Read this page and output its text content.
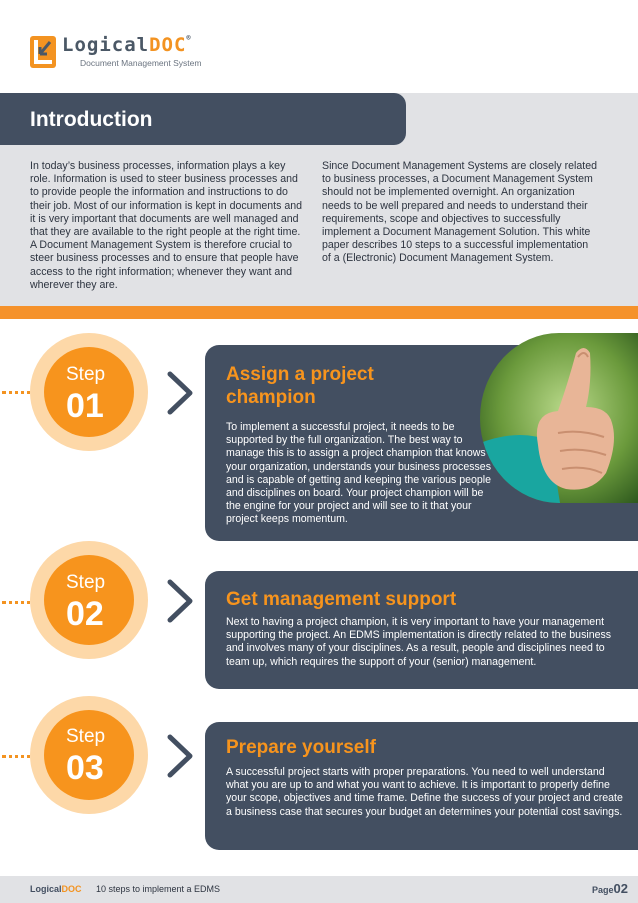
LogicalDOC®
Document Management System
Introduction
In today’s business processes, information plays a key role. Information is used to steer business processes and to provide people the information and instructions to do their job. Most of our information is kept in documents and it is very important that documents are well managed and that they are available to the right people at the right time. A Document Management System is therefore crucial to steer business processes and to ensure that people have access to the right information; whenever they want and wherever they are.
Since Document Management Systems are closely related to business processes, a Document Management System should not be implemented overnight. An organization needs to be well prepared and needs to understand their requirements, scope and objectives to successfully implement a Document Management Solution. This white paper describes 10 steps to a successful implementation of a (Electronic) Document Management System.
Step
01
Assign a project champion
To implement a successful project, it needs to be supported by the full organization. The best way to manage this is to assign a project champion that knows your organization, understands your business processes and is capable of getting and keeping the various people and disciplines on board. Your project champion will be the engine for your project and will see to it that your project keeps momentum.
Step
02	Get management support
Next to having a project champion, it is very important to have your management supporting the project. An EDMS implementation is directly related to the business and involves many of your disciplines. As a result, people and disciplines need to team up, which requires the support of your (senior) management.
Step
03
Prepare yourself
A successful project starts with proper preparations. You need to well understand what you are up to and what you want to achieve. It is important to properly define your scope, objectives and time frame. Define the success of your project and create a business case that secures your budget an determines your potential cost savings.
LogicalDOC 10 steps to implement a EDMS	Page02
